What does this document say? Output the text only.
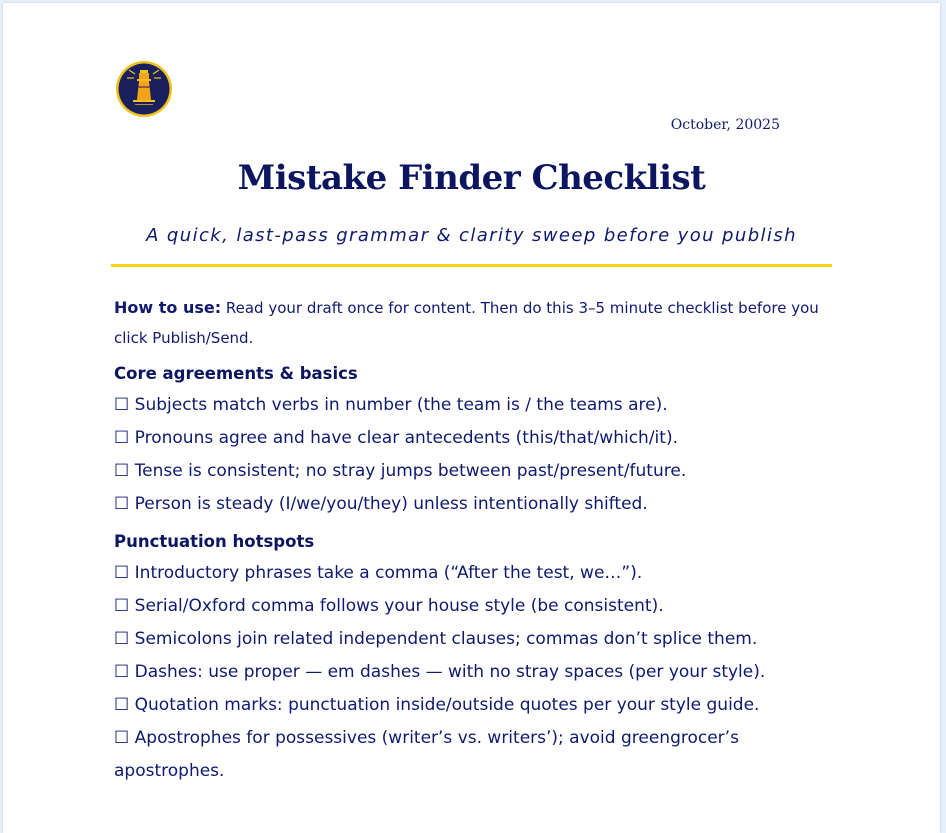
October, 20025
Mistake Finder Checklist
A quick, last-pass grammar & clarity sweep before you publish

How to use: Read your draft once for content. Then do this 3–5 minute checklist before you click Publish/Send.

Core agreements & basics

☐ Subjects match verbs in number (the team is / the teams are).

☐ Pronouns agree and have clear antecedents (this/that/which/it).

☐ Tense is consistent; no stray jumps between past/present/future.

☐ Person is steady (I/we/you/they) unless intentionally shifted.

Punctuation hotspots

☐ Introductory phrases take a comma (“After the test, we…”).

☐ Serial/Oxford comma follows your house style (be consistent).

☐ Semicolons join related independent clauses; commas don’t splice them.

☐ Dashes: use proper — em dashes — with no stray spaces (per your style).

☐ Quotation marks: punctuation inside/outside quotes per your style guide.

☐ Apostrophes for possessives (writer’s vs. writers’); avoid greengrocer’s apostrophes.
